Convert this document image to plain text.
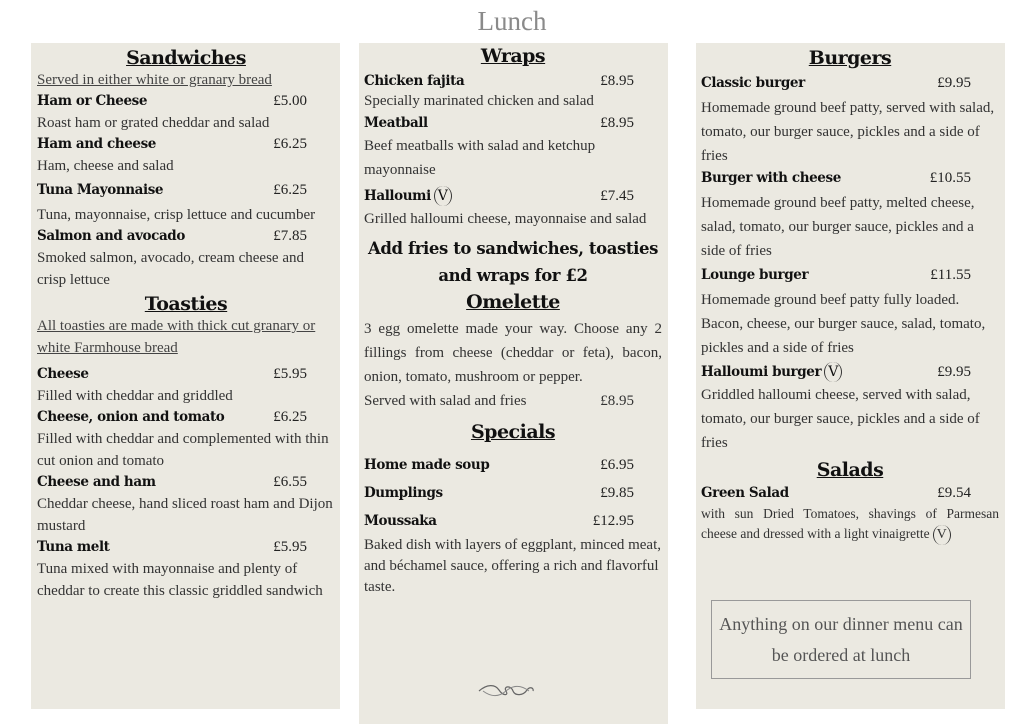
Lunch
Sandwiches
Served in either white or granary bread
Ham or Cheese	£5.00
Roast ham or grated cheddar and salad
Ham and cheese	£6.25
Ham, cheese and salad
Tuna Mayonnaise	£6.25
Tuna, mayonnaise, crisp lettuce and cucumber
Salmon and avocado	£7.85
Smoked salmon, avocado, cream cheese and crisp lettuce
Toasties
All toasties are made with thick cut granary or white Farmhouse bread
Cheese	£5.95
Filled with cheddar and griddled
Cheese, onion and tomato	£6.25
Filled with cheddar and complemented with thin cut onion and tomato
Cheese and ham	£6.55
Cheddar cheese, hand sliced roast ham and Dijon mustard
Tuna melt	£5.95
Tuna mixed with mayonnaise and plenty of cheddar to create this classic griddled sandwich
Wraps
Chicken fajita	£8.95
Specially marinated chicken and salad
Meatball	£8.95
Beef meatballs with salad and ketchup mayonnaise
Halloumi V	£7.45
Grilled halloumi cheese, mayonnaise and salad
Add fries to sandwiches, toasties and wraps for £2
Omelette
3 egg omelette made your way. Choose any 2 fillings from cheese (cheddar or feta), bacon, onion, tomato, mushroom or pepper.
Served with salad and fries	£8.95
Specials
Home made soup	£6.95
Dumplings	£9.85
Moussaka	£12.95
Baked dish with layers of eggplant, minced meat, and béchamel sauce, offering a rich and flavorful taste.
Burgers
Classic burger	£9.95
Homemade ground beef patty, served with salad, tomato, our burger sauce, pickles and a side of fries
Burger with cheese	£10.55
Homemade ground beef patty, melted cheese, salad, tomato, our burger sauce, pickles and a side of fries
Lounge burger	£11.55
Homemade ground beef patty fully loaded. Bacon, cheese, our burger sauce, salad, tomato, pickles and a side of fries
Halloumi burger V	£9.95
Griddled halloumi cheese, served with salad, tomato, our burger sauce, pickles and a side of fries
Salads
Green Salad	£9.54
with sun Dried Tomatoes, shavings of Parmesan cheese and dressed with a light vinaigrette V
Anything on our dinner menu can be ordered at lunch
